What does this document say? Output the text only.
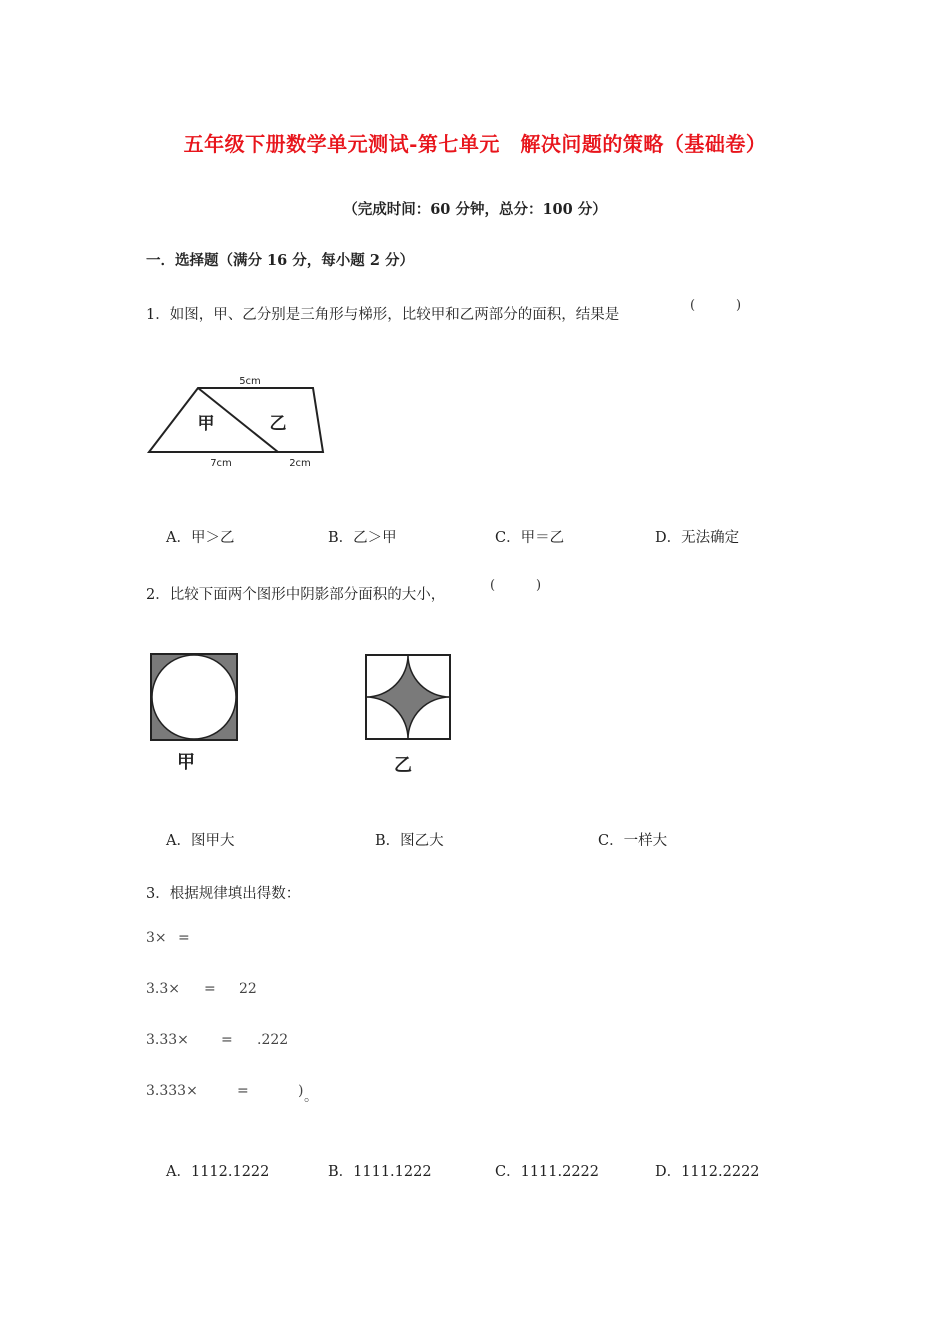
五年级下册数学单元测试-第七单元　解决问题的策略（基础卷）
（完成时间：60 分钟，总分：100 分）
一．选择题（满分 16 分，每小题 2 分）
1．如图，甲、乙分别是三角形与梯形，比较甲和乙两部分的面积，结果是
(	)
5cm
甲	乙
7cm	2cm
A．甲＞乙	B．乙＞甲	C．甲＝乙	D．无法确定
2．比较下面两个图形中阴影部分面积的大小，
(	)
甲	乙
A．图甲大	B．图乙大	C．一样大
3．根据规律填出得数：
3× =
3.3× = 22
3.33× = .222
3.333×	=	) 。
A．1112.1222	B．1111.1222	C．1111.2222	D．1112.2222
